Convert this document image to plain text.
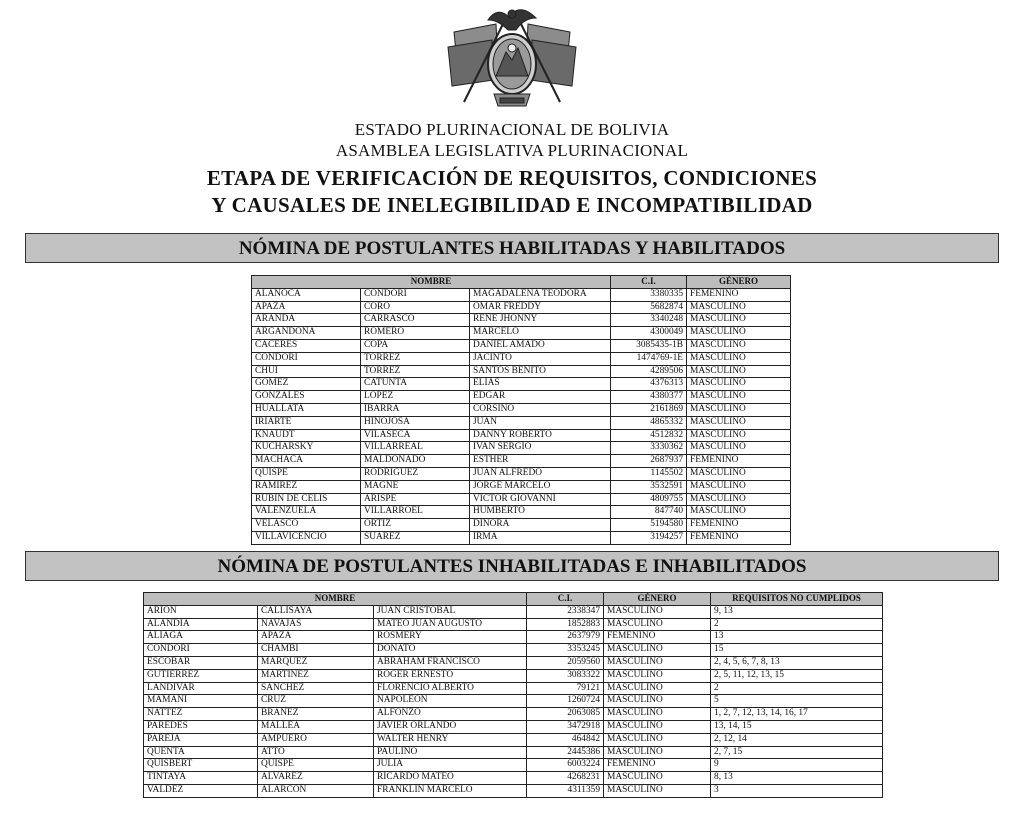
ESTADO PLURINACIONAL DE BOLIVIA
ASAMBLEA LEGISLATIVA PLURINACIONAL
ETAPA DE VERIFICACIÓN DE REQUISITOS, CONDICIONES
Y CAUSALES DE INELEGIBILIDAD E INCOMPATIBILIDAD
NÓMINA DE POSTULANTES HABILITADAS Y HABILITADOS
NOMBRE			C.I.	GÉNERO
ALANOCA	CONDORI	MAGADALENA TEODORA	3380335	FEMENINO
APAZA	CORO	OMAR FREDDY	5682874	MASCULINO
ARANDA	CARRASCO	RENE JHONNY	3340248	MASCULINO
ARGANDOÑA	ROMERO	MARCELO	4300049	MASCULINO
CACERES	COPA	DANIEL AMADO	3085435-1B	MASCULINO
CONDORI	TORREZ	JACINTO	1474769-1E	MASCULINO
CHUI	TORREZ	SANTOS BENITO	4289506	MASCULINO
GOMEZ	CATUNTA	ELIAS	4376313	MASCULINO
GONZALES	LOPEZ	EDGAR	4380377	MASCULINO
HUALLATA	IBARRA	CORSINO	2161869	MASCULINO
IRIARTE	HINOJOSA	JUAN	4865332	MASCULINO
KNAUDT	VILASECA	DANNY ROBERTO	4512832	MASCULINO
KUCHARSKY	VILLARREAL	IVAN SERGIO	3330362	MASCULINO
MACHACA	MALDONADO	ESTHER	2687937	FEMENINO
QUISPE	RODRIGUEZ	JUAN ALFREDO	1145502	MASCULINO
RAMIREZ	MAGNE	JORGE MARCELO	3532591	MASCULINO
RUBIN DE CELIS	ARISPE	VICTOR GIOVANNI	4809755	MASCULINO
VALENZUELA	VILLARROEL	HUMBERTO	847740	MASCULINO
VELASCO	ORTIZ	DINORA	5194580	FEMENINO
VILLAVICENCIO	SUAREZ	IRMA	3194257	FEMENINO
NÓMINA DE POSTULANTES INHABILITADAS E INHABILITADOS
NOMBRE			C.I.	GÉNERO	REQUISITOS NO CUMPLIDOS
ARION	CALLISAYA	JUAN CRISTOBAL	2338347	MASCULINO	9, 13
ALANDIA	NAVAJAS	MATEO JUAN AUGUSTO	1852883	MASCULINO	2
ALIAGA	APAZA	ROSMERY	2637979	FEMENINO	13
CONDORI	CHAMBI	DONATO	3353245	MASCULINO	15
ESCOBAR	MARQUEZ	ABRAHAM FRANCISCO	2059560	MASCULINO	2, 4, 5, 6, 7, 8, 13
GUTIERREZ	MARTINEZ	ROGER ERNESTO	3083322	MASCULINO	2, 5, 11, 12, 13, 15
LANDIVAR	SANCHEZ	FLORENCIO ALBERTO	79121	MASCULINO	2
MAMANI	CRUZ	NAPOLEON	1260724	MASCULINO	5
NATTEZ	BRAÑEZ	ALFONZO	2063085	MASCULINO	1, 2, 7, 12, 13, 14, 16, 17
PAREDES	MALLEA	JAVIER ORLANDO	3472918	MASCULINO	13, 14, 15
PAREJA	AMPUERO	WALTER HENRY	464842	MASCULINO	2, 12, 14
QUENTA	ATTO	PAULINO	2445386	MASCULINO	2, 7, 15
QUISBERT	QUISPE	JULIA	6003224	FEMENINO	9
TINTAYA	ALVAREZ	RICARDO MATEO	4268231	MASCULINO	8, 13
VALDEZ	ALARCON	FRANKLIN MARCELO	4311359	MASCULINO	3
